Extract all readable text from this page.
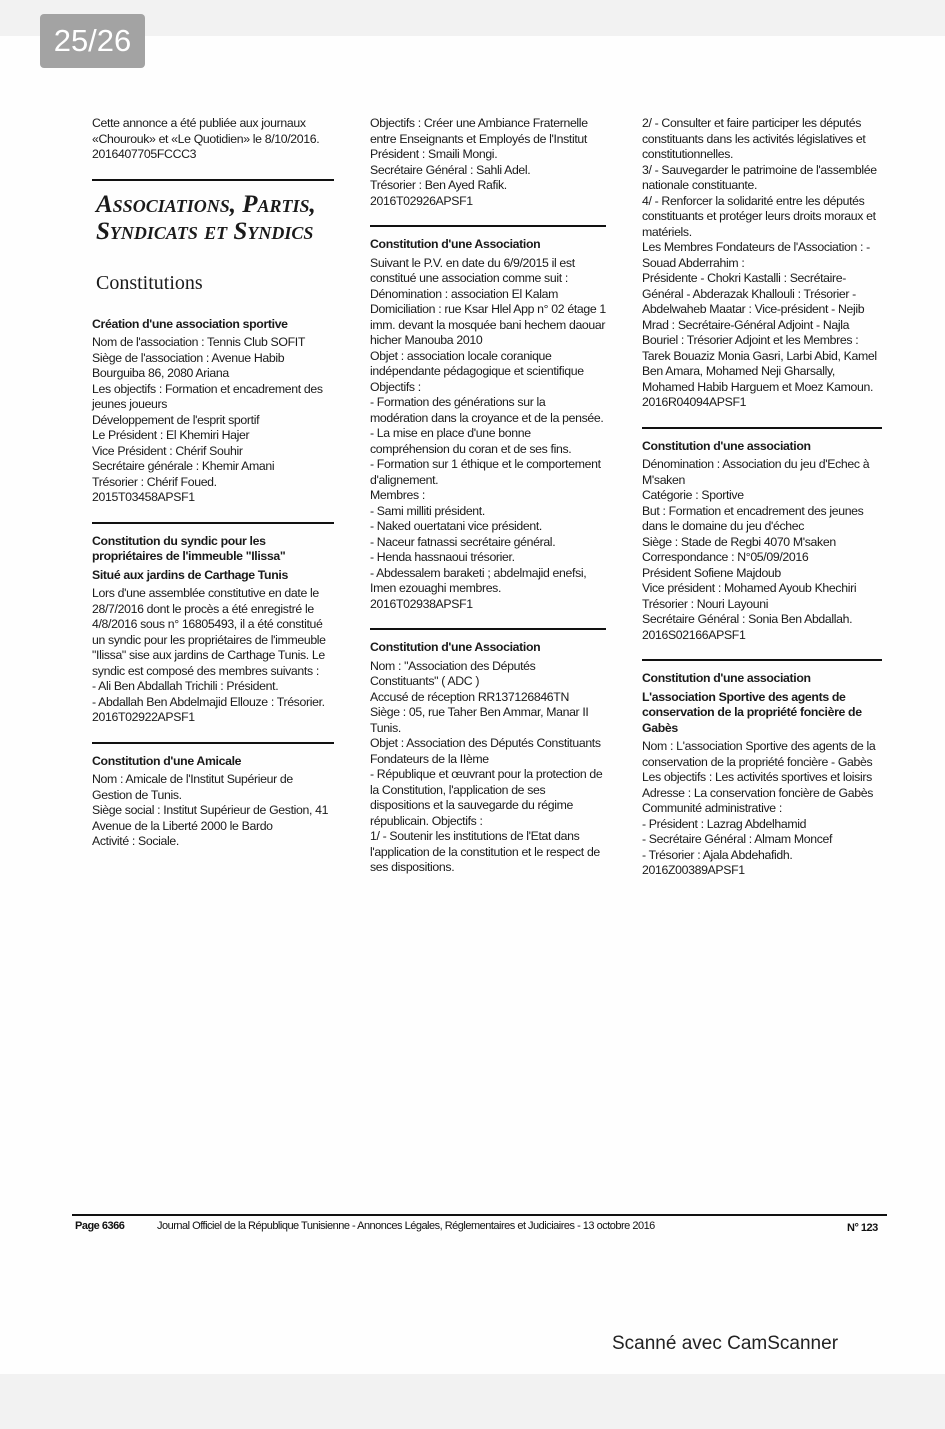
25/26
Cette annonce a été publiée aux journaux «Chourouk» et «Le Quotidien» le 8/10/2016.
2016407705FCCC3
Associations, Partis, Syndicats et Syndics
Constitutions
Création d'une association sportive
Nom de l'association : Tennis Club SOFIT
Siège de l'association : Avenue Habib Bourguiba 86, 2080 Ariana
Les objectifs : Formation et encadrement des jeunes joueurs
Développement de l'esprit sportif
Le Président : El Khemiri Hajer
Vice Président : Chérif Souhir
Secrétaire générale : Khemir Amani
Trésorier : Chérif Foued.
2015T03458APSF1
Constitution du syndic pour les propriétaires de l'immeuble "Ilissa"
Situé aux jardins de Carthage Tunis
Lors d'une assemblée constitutive en date le 28/7/2016 dont le procès a été enregistré le 4/8/2016 sous n° 16805493, il a été constitué un syndic pour les propriétaires de l'immeuble "Ilissa" sise aux jardins de Carthage Tunis. Le syndic est composé des membres suivants :
- Ali Ben Abdallah Trichili : Président.
- Abdallah Ben Abdelmajid Ellouze : Trésorier.
2016T02922APSF1
Constitution d'une Amicale
Nom : Amicale de l'Institut Supérieur de Gestion de Tunis.
Siège social : Institut Supérieur de Gestion, 41 Avenue de la Liberté 2000 le Bardo
Activité : Sociale.
Objectifs : Créer une Ambiance Fraternelle entre Enseignants et Employés de l'Institut
Président : Smaili Mongi.
Secrétaire Général : Sahli Adel.
Trésorier : Ben Ayed Rafik.
2016T02926APSF1
Constitution d'une Association
Suivant le P.V. en date du 6/9/2015 il est constitué une association comme suit :
Dénomination : association El Kalam
Domiciliation : rue Ksar Hlel App n° 02 étage 1 imm. devant la mosquée bani hechem daouar hicher Manouba 2010
Objet : association locale coranique indépendante pédagogique et scientifique
Objectifs :
- Formation des générations sur la modération dans la croyance et de la pensée.
- La mise en place d'une bonne compréhension du coran et de ses fins.
- Formation sur 1 éthique et le comportement d'alignement.
Membres :
- Sami milliti président.
- Naked ouertatani vice président.
- Naceur fatnassi secrétaire général.
- Henda hassnaoui trésorier.
- Abdessalem baraketi ; abdelmajid enefsi, Imen ezouaghi membres.
2016T02938APSF1
Constitution d'une Association
Nom : "Association des Députés Constituants" ( ADC )
Accusé de réception RR137126846TN
Siège : 05, rue Taher Ben Ammar, Manar II Tunis.
Objet : Association des Députés Constituants Fondateurs de la IIème
- République et œuvrant pour la protection de la Constitution, l'application de ses dispositions et la sauvegarde du régime républicain. Objectifs :
1/ - Soutenir les institutions de l'Etat dans l'application de la constitution et le respect de ses dispositions.
2/ - Consulter et faire participer les députés constituants dans les activités législatives et constitutionnelles.
3/ - Sauvegarder le patrimoine de l'assemblée nationale constituante.
4/ - Renforcer la solidarité entre les députés constituants et protéger leurs droits moraux et matériels.
Les Membres Fondateurs de l'Association : - Souad Abderrahim :
Présidente - Chokri Kastalli : Secrétaire-Général - Abderazak Khallouli : Trésorier - Abdelwaheb Maatar : Vice-président - Nejib
Mrad : Secrétaire-Général Adjoint - Najla Bouriel : Trésorier Adjoint et les Membres : Tarek Bouaziz Monia Gasri, Larbi Abid, Kamel Ben Amara, Mohamed Neji Gharsally, Mohamed Habib Harguem et Moez Kamoun.
2016R04094APSF1
Constitution d'une association
Dénomination : Association du jeu d'Echec à M'saken
Catégorie : Sportive
But : Formation et encadrement des jeunes dans le domaine du jeu d'échec
Siège : Stade de Regbi 4070 M'saken
Correspondance : N°05/09/2016
Président Sofiene Majdoub
Vice président : Mohamed Ayoub Khechiri
Trésorier : Nouri Layouni
Secrétaire Général : Sonia Ben Abdallah.
2016S02166APSF1
Constitution d'une association
L'association Sportive des agents de conservation de la propriété foncière de Gabès
Nom : L'association Sportive des agents de la conservation de la propriété foncière - Gabès
Les objectifs : Les activités sportives et loisirs
Adresse : La conservation foncière de Gabès
Communité administrative :
- Président : Lazrag Abdelhamid
- Secrétaire Général : Almam Moncef
- Trésorier : Ajala Abdehafidh.
2016Z00389APSF1
Page 6366	Journal Officiel de la République Tunisienne - Annonces Légales, Réglementaires et Judiciaires - 13 octobre 2016	N° 123
Scanné avec CamScanner
